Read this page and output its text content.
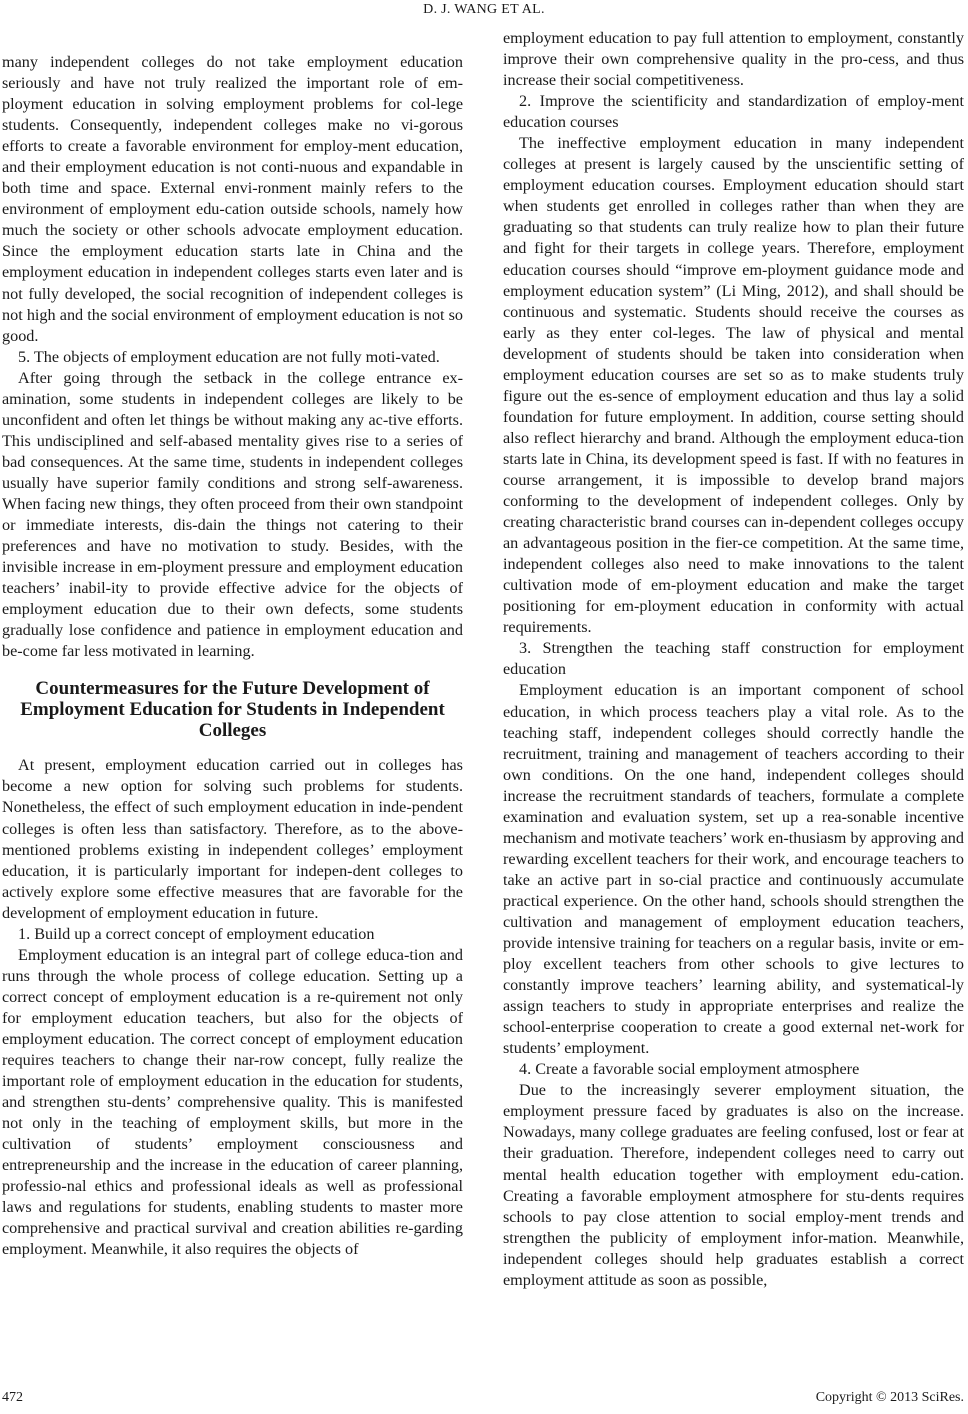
D. J. WANG ET AL.

many independent colleges do not take employment education seriously and have not truly realized the important role of em-ployment education in solving employment problems for col-lege students. Consequently, independent colleges make no vi-gorous efforts to create a favorable environment for employ-ment education, and their employment education is not conti-nuous and expandable in both time and space. External envi-ronment mainly refers to the environment of employment edu-cation outside schools, namely how much the society or other schools advocate employment education. Since the employment education starts late in China and the employment education in independent colleges starts even later and is not fully developed, the social recognition of independent colleges is not high and the social environment of employment education is not so good.

5. The objects of employment education are not fully moti-vated.

After going through the setback in the college entrance ex-amination, some students in independent colleges are likely to be unconfident and often let things be without making any ac-tive efforts. This undisciplined and self-abased mentality gives rise to a series of bad consequences. At the same time, students in independent colleges usually have superior family conditions and strong self-awareness. When facing new things, they often proceed from their own standpoint or immediate interests, dis-dain the things not catering to their preferences and have no motivation to study. Besides, with the invisible increase in em-ployment pressure and employment education teachers’ inabil-ity to provide effective advice for the objects of employment education due to their own defects, some students gradually lose confidence and patience in employment education and be-come far less motivated in learning.

Countermeasures for the Future Development of Employment Education for Students in Independent Colleges

At present, employment education carried out in colleges has become a new option for solving such problems for students. Nonetheless, the effect of such employment education in inde-pendent colleges is often less than satisfactory. Therefore, as to the above-mentioned problems existing in independent colleges’ employment education, it is particularly important for indepen-dent colleges to actively explore some effective measures that are favorable for the development of employment education in future.

1. Build up a correct concept of employment education

Employment education is an integral part of college educa-tion and runs through the whole process of college education. Setting up a correct concept of employment education is a re-quirement not only for employment education teachers, but also for the objects of employment education. The correct concept of employment education requires teachers to change their nar-row concept, fully realize the important role of employment education in the education for students, and strengthen stu-dents’ comprehensive quality. This is manifested not only in the teaching of employment skills, but more in the cultivation of students’ employment consciousness and entrepreneurship and the increase in the education of career planning, professio-nal ethics and professional ideals as well as professional laws and regulations for students, enabling students to master more comprehensive and practical survival and creation abilities re-garding employment. Meanwhile, it also requires the objects of

employment education to pay full attention to employment, constantly improve their own comprehensive quality in the pro-cess, and thus increase their social competitiveness.

2. Improve the scientificity and standardization of employ-ment education courses

The ineffective employment education in many independent colleges at present is largely caused by the unscientific setting of employment education courses. Employment education should start when students get enrolled in colleges rather than when they are graduating so that students can truly realize how to plan their future and fight for their targets in college years. Therefore, employment education courses should “improve em-ployment guidance mode and employment education system” (Li Ming, 2012), and shall should be continuous and systematic. Students should receive the courses as early as they enter col-leges. The law of physical and mental development of students should be taken into consideration when employment education courses are set so as to make students truly figure out the es-sence of employment education and thus lay a solid foundation for future employment. In addition, course setting should also reflect hierarchy and brand. Although the employment educa-tion starts late in China, its development speed is fast. If with no features in course arrangement, it is impossible to develop brand majors conforming to the development of independent colleges. Only by creating characteristic brand courses can in-dependent colleges occupy an advantageous position in the fier-ce competition. At the same time, independent colleges also need to make innovations to the talent cultivation mode of em-ployment education and make the target positioning for em-ployment education in conformity with actual requirements.

3. Strengthen the teaching staff construction for employment education

Employment education is an important component of school education, in which process teachers play a vital role. As to the teaching staff, independent colleges should correctly handle the recruitment, training and management of teachers according to their own conditions. On the one hand, independent colleges should increase the recruitment standards of teachers, formulate a complete examination and evaluation system, set up a rea-sonable incentive mechanism and motivate teachers’ work en-thusiasm by approving and rewarding excellent teachers for their work, and encourage teachers to take an active part in so-cial practice and continuously accumulate practical experience. On the other hand, schools should strengthen the cultivation and management of employment education teachers, provide intensive training for teachers on a regular basis, invite or em-ploy excellent teachers from other schools to give lectures to constantly improve teachers’ learning ability, and systematical-ly assign teachers to study in appropriate enterprises and realize the school-enterprise cooperation to create a good external net-work for students’ employment.

4. Create a favorable social employment atmosphere

Due to the increasingly severer employment situation, the employment pressure faced by graduates is also on the increase. Nowadays, many college graduates are feeling confused, lost or fear at their graduation. Therefore, independent colleges need to carry out mental health education together with employment edu-cation. Creating a favorable employment atmosphere for stu-dents requires schools to pay close attention to social employ-ment trends and strengthen the publicity of employment infor-mation. Meanwhile, independent colleges should help graduates establish a correct employment attitude as soon as possible,

472	Copyright © 2013 SciRes.
